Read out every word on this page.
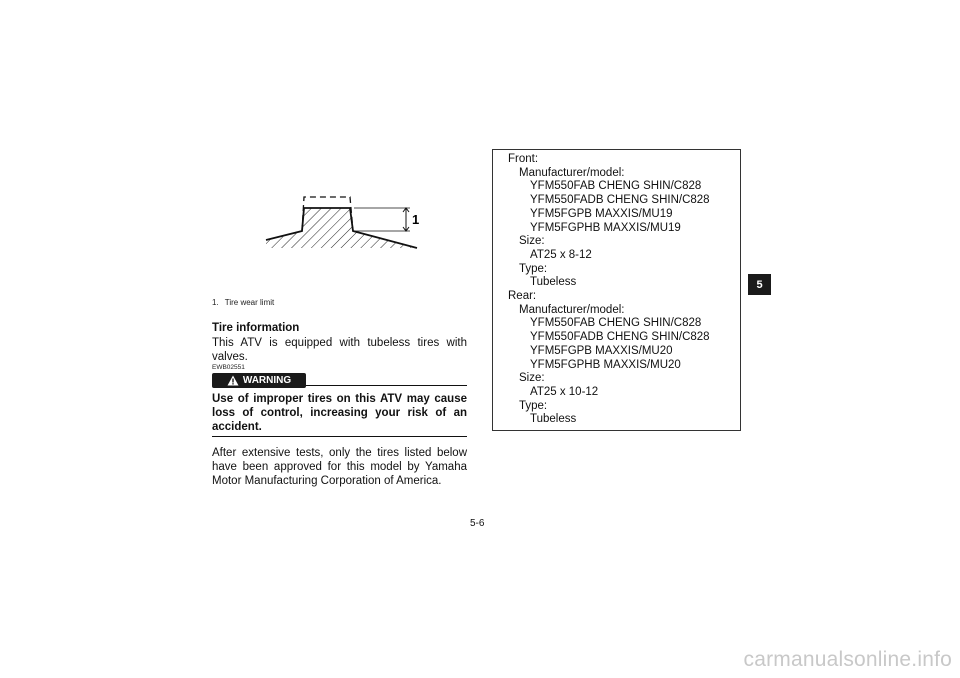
1
1. Tire wear limit
Tire information
This ATV is equipped with tubeless tires with valves.
EWB02551
WARNING
Use of improper tires on this ATV may cause loss of control, increasing your risk of an accident.
After extensive tests, only the tires listed below have been approved for this model by Yamaha Motor Manufacturing Corporation of America.
Front:
Manufacturer/model:
YFM550FAB CHENG SHIN/C828
YFM550FADB CHENG SHIN/C828
YFM5FGPB MAXXIS/MU19
YFM5FGPHB MAXXIS/MU19
Size:
AT25 x 8-12
Type:
Tubeless
Rear:
Manufacturer/model:
YFM550FAB CHENG SHIN/C828
YFM550FADB CHENG SHIN/C828
YFM5FGPB MAXXIS/MU20
YFM5FGPHB MAXXIS/MU20
Size:
AT25 x 10-12
Type:
Tubeless
5
5-6
carmanualsonline.info
